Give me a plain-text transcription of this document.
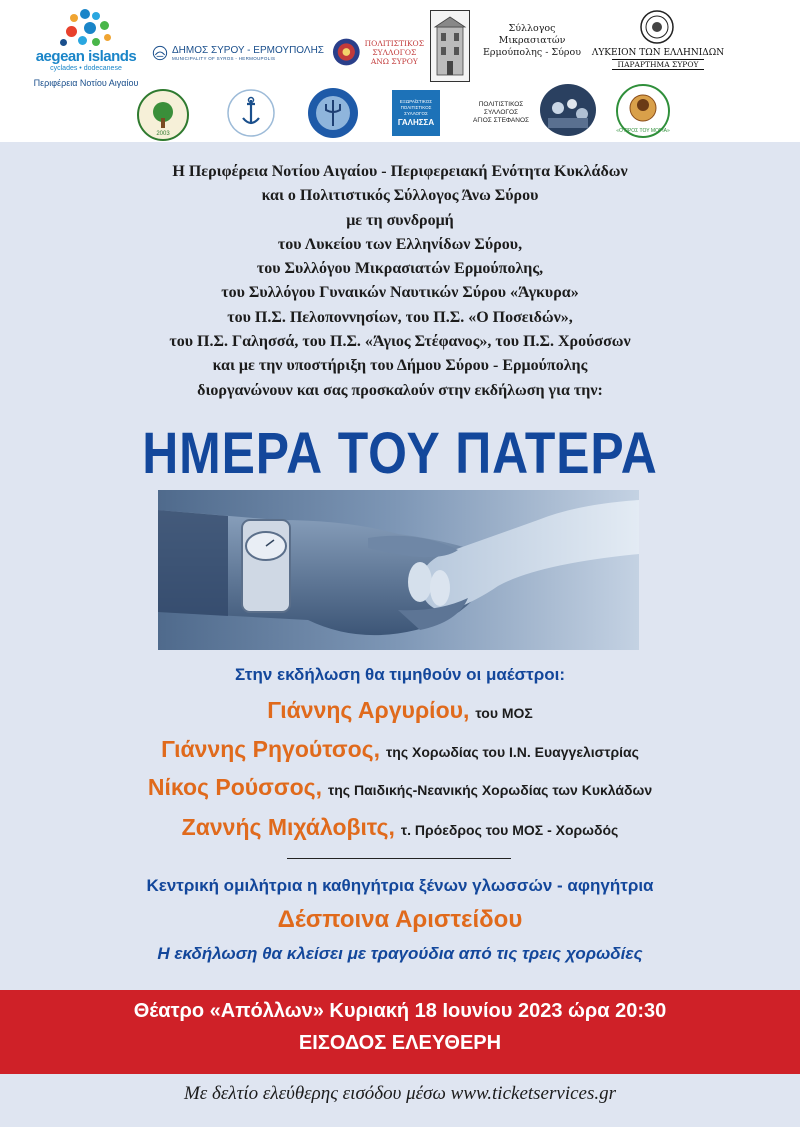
aegean islands
cyclades • dodecanese
Περιφέρεια Νοτίου Αιγαίου
ΔΗΜΟΣ ΣΥΡΟΥ - ΕΡΜΟΥΠΟΛΗΣ
MUNICIPALITY OF SYROS - HERMOUPOLIS
ΠΟΛΙΤΙΣΤΙΚΟΣ
ΣΥΛΛΟΓΟΣ
ΑΝΩ ΣΥΡΟΥ
Σύλλογος Μικρασιατών
Ερμούπολης - Σύρου ΛΥΚΕΙΟΝ ΤΩΝ ΕΛΛΗΝΙΔΩΝ
ΠΑΡΑΡΤΗΜΑ ΣΥΡΟΥ
2003
ΕΞΩΡΑΪΣΤΙΚΟΣ
ΠΟΛΙΤΙΣΤΙΚΟΣ
ΣΥΛΛΟΓΟΣ
ΓΑΛΗΣΣΑ
ΠΟΛΙΤΙΣΤΙΚΟΣ
ΣΥΛΛΟΓΟΣ
ΑΓΙΟΣ ΣΤΕΦΑΝΟΣ
«Ο ΠΡΟΣ ΤΟΥ ΜΟΡΙΑ»
Η Περιφέρεια Νοτίου Αιγαίου - Περιφερειακή Ενότητα Κυκλάδων
και ο Πολιτιστικός Σύλλογος Άνω Σύρου
με τη συνδρομή
του Λυκείου των Ελληνίδων Σύρου,
του Συλλόγου Μικρασιατών Ερμούπολης,
του Συλλόγου Γυναικών Ναυτικών Σύρου «Άγκυρα»
του Π.Σ. Πελοποννησίων, του Π.Σ. «Ο Ποσειδών»,
του Π.Σ. Γαλησσά, του Π.Σ. «Άγιος Στέφανος», του Π.Σ. Χρούσσων
και με την υποστήριξη του Δήμου Σύρου - Ερμούπολης
διοργανώνουν και σας προσκαλούν στην εκδήλωση για την:
ΗΜΕΡΑ ΤΟΥ ΠΑΤΕΡΑ
Στην εκδήλωση θα τιμηθούν οι μαέστροι:
Γιάννης Αργυρίου, του ΜΟΣ
Γιάννης Ρηγούτσος, της Χορωδίας του Ι.Ν. Ευαγγελιστρίας
Νίκος Ρούσσος, της Παιδικής-Νεανικής Χορωδίας των Κυκλάδων
Ζαννής Μιχάλοβιτς, τ. Πρόεδρος του ΜΟΣ - Χορωδός
Κεντρική ομιλήτρια η καθηγήτρια ξένων γλωσσών - αφηγήτρια
Δέσποινα Αριστείδου
Η εκδήλωση θα κλείσει με τραγούδια από τις τρεις χορωδίες
Θέατρο «Απόλλων» Κυριακή 18 Ιουνίου 2023 ώρα 20:30
ΕΙΣΟΔΟΣ ΕΛΕΥΘΕΡΗ
Με δελτίο ελεύθερης εισόδου μέσω www.ticketservices.gr
